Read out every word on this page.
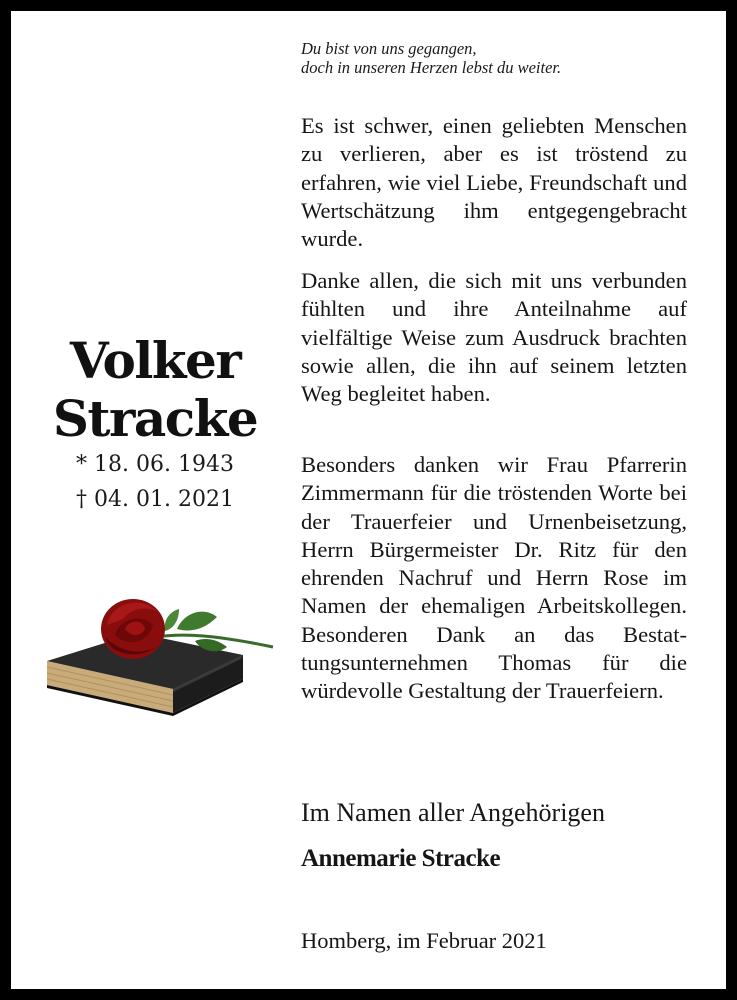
Volker
Stracke
* 18. 06. 1943
† 04. 01. 2021
Du bist von uns gegangen,
doch in unseren Herzen lebst du weiter.

Es ist schwer, einen geliebten Menschen zu verlieren, aber es ist tröstend zu erfahren, wie viel Liebe, Freundschaft und Wertschätzung ihm entgegengebracht wurde.

Danke allen, die sich mit uns verbunden fühlten und ihre Anteilnahme auf vielfältige Weise zum Ausdruck brachten sowie allen, die ihn auf seinem letzten Weg begleitet haben.

Besonders danken wir Frau Pfarrerin Zimmermann für die tröstenden Worte bei der Trauerfeier und Urnenbeisetzung, Herrn Bürgermeister Dr. Ritz für den ehrenden Nachruf und Herrn Rose im Namen der ehemaligen Arbeitskollegen. Besonderen Dank an das Bestattungsunternehmen Thomas für die würdevolle Gestaltung der Trauerfeiern.

Im Namen aller Angehörigen
Annemarie Stracke
Homberg, im Februar 2021
